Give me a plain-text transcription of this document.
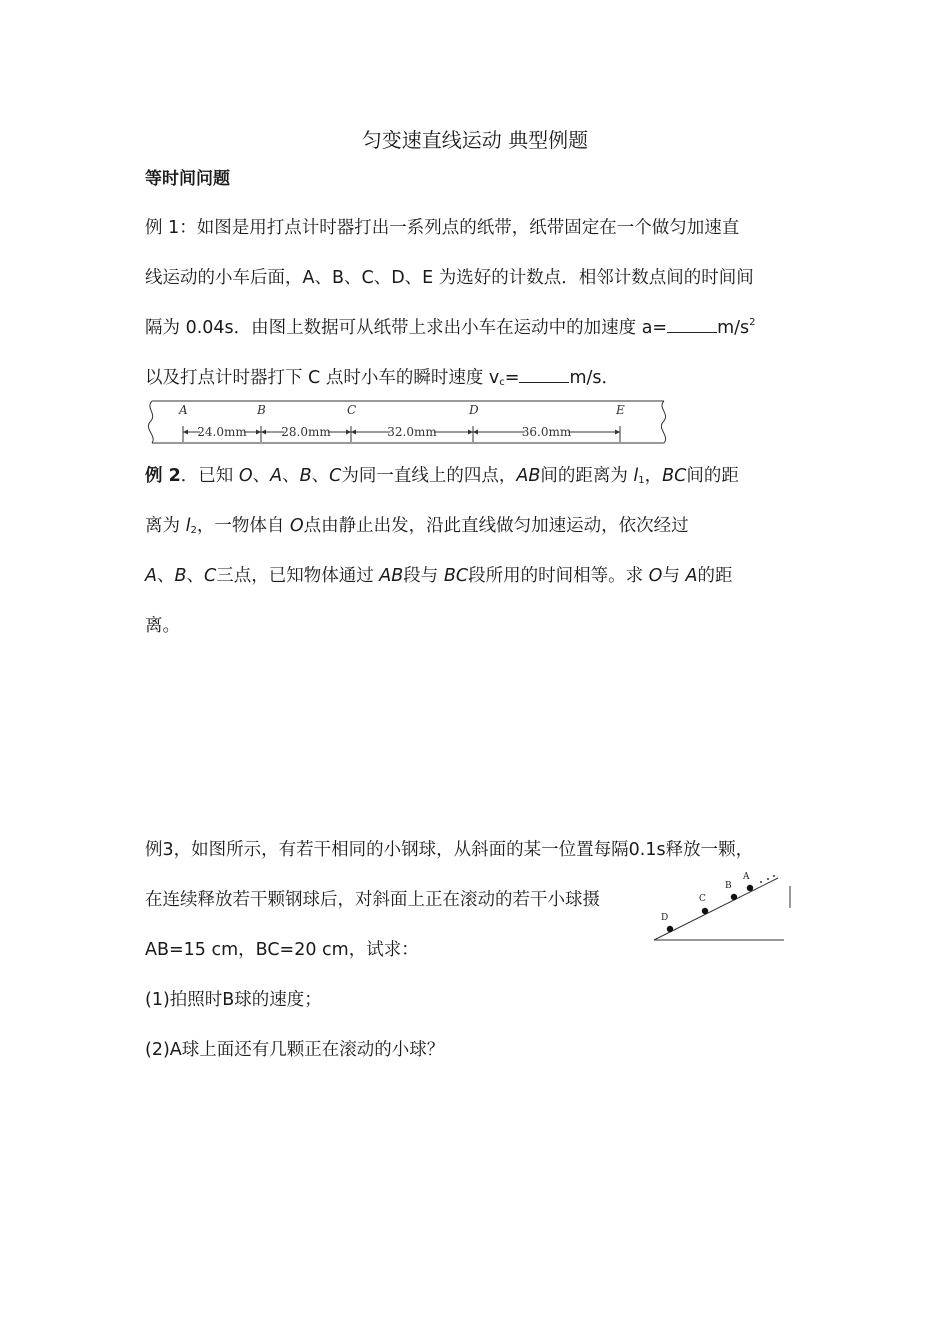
匀变速直线运动 典型例题
等时间问题
例 1：如图是用打点计时器打出一系列点的纸带，纸带固定在一个做匀加速直
线运动的小车后面，A、B、C、D、E 为选好的计数点．相邻计数点间的时间间
隔为 0.04s．由图上数据可从纸带上求出小车在运动中的加速度 a=	$m/s^2$
以及打点计时器打下 C 点时小车的瞬时速度 $v_c=$	m/s．
A	B	C	D	E
24.0mm	28.0mm	32.0mm	36.0mm
例 2．已知 O、A、B、C为同一直线上的四点，AB间的距离为 $l_1$，BC间的距
离为 $l_2$，一物体自 O点由静止出发，沿此直线做匀加速运动，依次经过
A、B、C三点，已知物体通过 AB段与 BC段所用的时间相等。求 O与 A的距
离。
例3，如图所示，有若干相同的小钢球，从斜面的某一位置每隔0.1s释放一颗，
在连续释放若干颗钢球后，对斜面上正在滚动的若干小球摄
AB=15 cm，BC=20 cm，试求：
(1)拍照时B球的速度；
(2)A球上面还有几颗正在滚动的小球？
D
C
B
A
